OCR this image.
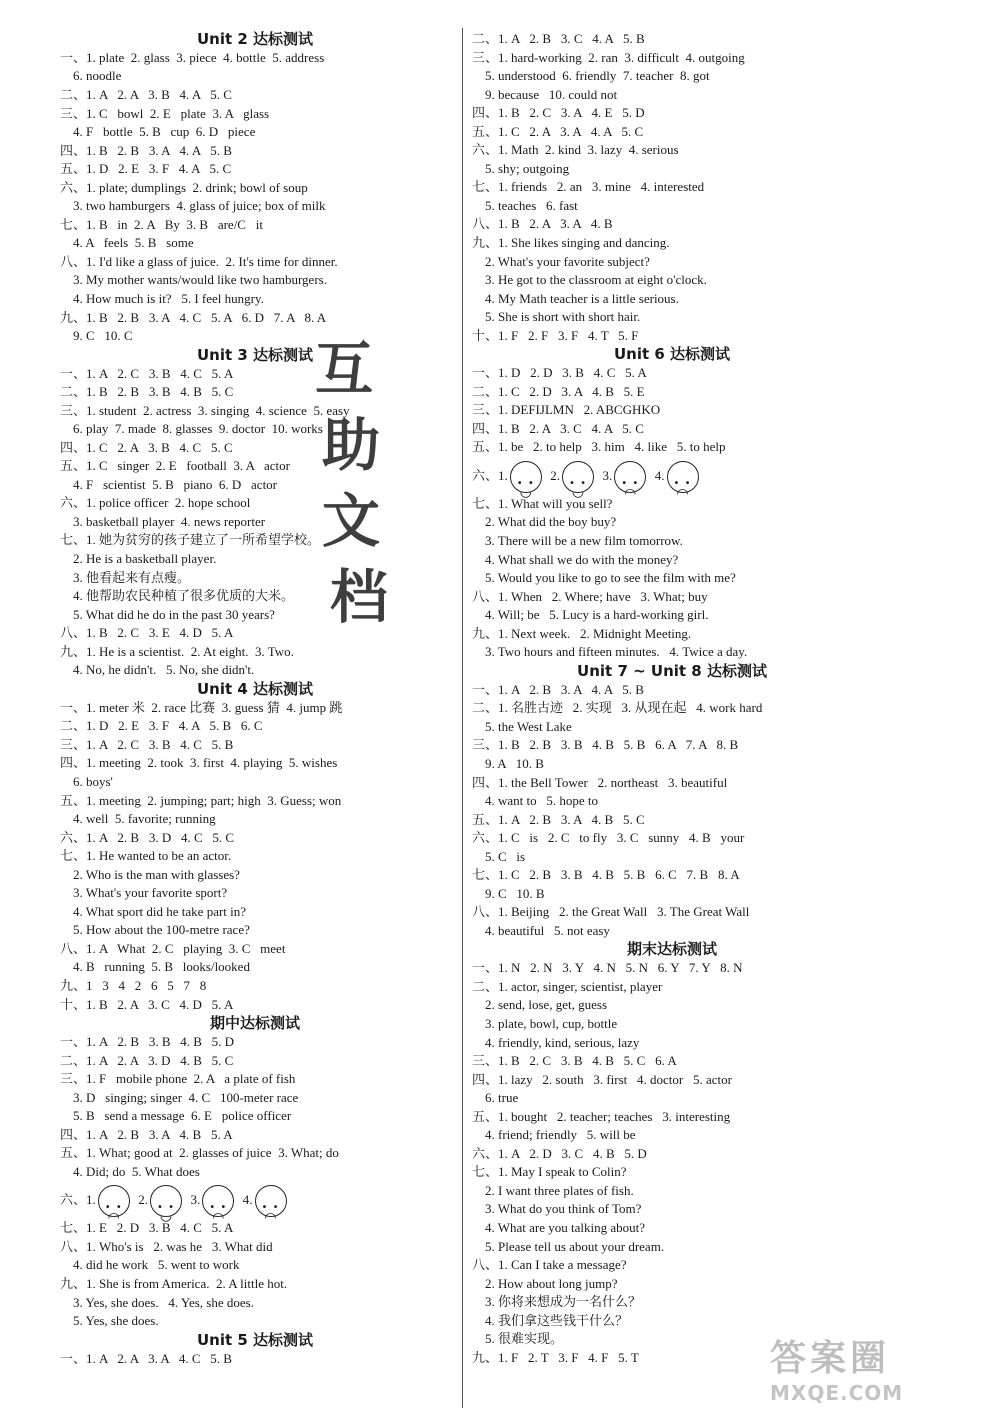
Unit 2 达标测试
一、1. plate  2. glass  3. piece  4. bottle  5. address
6. noodle
二、1. A   2. A   3. B   4. A   5. C
三、1. C   bowl  2. E   plate  3. A   glass
4. F   bottle  5. B   cup  6. D   piece
四、1. B   2. B   3. A   4. A   5. B
五、1. D   2. E   3. F   4. A   5. C
六、1. plate; dumplings  2. drink; bowl of soup
3. two hamburgers  4. glass of juice; box of milk
七、1. B   in  2. A   By  3. B   are/C   it
4. A   feels  5. B   some
八、1. I'd like a glass of juice.  2. It's time for dinner.
3. My mother wants/would like two hamburgers.
4. How much is it?   5. I feel hungry.
九、1. B   2. B   3. A   4. C   5. A   6. D   7. A   8. A
9. C   10. C
Unit 3 达标测试
一、1. A   2. C   3. B   4. C   5. A
二、1. B   2. B   3. B   4. B   5. C
三、1. student  2. actress  3. singing  4. science  5. easy
6. play  7. made  8. glasses  9. doctor  10. works
四、1. C   2. A   3. B   4. C   5. C
五、1. C   singer  2. E   football  3. A   actor
4. F   scientist  5. B   piano  6. D   actor
六、1. police officer  2. hope school
3. basketball player  4. news reporter
七、1. 她为贫穷的孩子建立了一所希望学校。
2. He is a basketball player.
3. 他看起来有点瘦。
4. 他帮助农民种植了很多优质的大米。
5. What did he do in the past 30 years?
八、1. B   2. C   3. E   4. D   5. A
九、1. He is a scientist.  2. At eight.  3. Two.
4. No, he didn't.   5. No, she didn't.
Unit 4 达标测试
一、1. meter 米  2. race 比赛  3. guess 猜  4. jump 跳
二、1. D   2. E   3. F   4. A   5. B   6. C
三、1. A   2. C   3. B   4. C   5. B
四、1. meeting  2. took  3. first  4. playing  5. wishes
6. boys'
五、1. meeting  2. jumping; part; high  3. Guess; won
4. well  5. favorite; running
六、1. A   2. B   3. D   4. C   5. C
七、1. He wanted to be an actor.
2. Who is the man with glasses?
3. What's your favorite sport?
4. What sport did he take part in?
5. How about the 100-metre race?
八、1. A   What  2. C   playing  3. C   meet
4. B   running  5. B   looks/looked
九、1   3   4   2   6   5   7   8
十、1. B   2. A   3. C   4. D   5. A
期中达标测试
一、1. A   2. B   3. B   4. B   5. D
二、1. A   2. A   3. D   4. B   5. C
三、1. F   mobile phone  2. A   a plate of fish
3. D   singing; singer  4. C   100-meter race
5. B   send a message  6. E   police officer
四、1. A   2. B   3. A   4. B   5. A
五、1. What; good at  2. glasses of juice  3. What; do
4. Did; do  5. What does
六、1. • •  ◠	2. • •  ◡	3. • •  ◠	4.• •  ◠
七、1. E   2. D   3. B   4. C   5. A
八、1. Who's is   2. was he   3. What did
4. did he work   5. went to work
九、1. She is from America.  2. A little hot.
3. Yes, she does.   4. Yes, she does.
5. Yes, she does.
Unit 5 达标测试
一、1. A   2. A   3. A   4. C   5. B
二、1. A   2. B   3. C   4. A   5. B
三、1. hard-working  2. ran  3. difficult  4. outgoing
5. understood  6. friendly  7. teacher  8. got
9. because   10. could not
四、1. B   2. C   3. A   4. E   5. D
五、1. C   2. A   3. A   4. A   5. C
六、1. Math  2. kind  3. lazy  4. serious
5. shy; outgoing
七、1. friends   2. an   3. mine   4. interested
5. teaches   6. fast
八、1. B   2. A   3. A   4. B
九、1. She likes singing and dancing.
2. What's your favorite subject?
3. He got to the classroom at eight o'clock.
4. My Math teacher is a little serious.
5. She is short with short hair.
十、1. F   2. F   3. F   4. T   5. F
Unit 6 达标测试
一、1. D   2. D   3. B   4. C   5. A
二、1. C   2. D   3. A   4. B   5. E
三、1. DEFIJLMN   2. ABCGHKO
四、1. B   2. A   3. C   4. A   5. C
五、1. be   2. to help   3. him   4. like   5. to help
六、1. • •  ◡	2. • •  ◡	3. • •  ◠	4.• •  ◠
七、1. What will you sell?
2. What did the boy buy?
3. There will be a new film tomorrow.
4. What shall we do with the money?
5. Would you like to go to see the film with me?
八、1. When   2. Where; have   3. What; buy
4. Will; be   5. Lucy is a hard-working girl.
九、1. Next week.   2. Midnight Meeting.
3. Two hours and fifteen minutes.   4. Twice a day.
Unit 7 ~ Unit 8 达标测试
一、1. A   2. B   3. A   4. A   5. B
二、1. 名胜古迹   2. 实现   3. 从现在起   4. work hard
5. the West Lake
三、1. B   2. B   3. B   4. B   5. B   6. A   7. A   8. B
9. A   10. B
四、1. the Bell Tower   2. northeast   3. beautiful
4. want to   5. hope to
五、1. A   2. B   3. A   4. B   5. C
六、1. C   is   2. C   to fly   3. C   sunny   4. B   your
5. C   is
七、1. C   2. B   3. B   4. B   5. B   6. C   7. B   8. A
9. C   10. B
八、1. Beijing   2. the Great Wall   3. The Great Wall
4. beautiful   5. not easy
期末达标测试
一、1. N   2. N   3. Y   4. N   5. N   6. Y   7. Y   8. N
二、1. actor, singer, scientist, player
2. send, lose, get, guess
3. plate, bowl, cup, bottle
4. friendly, kind, serious, lazy
三、1. B   2. C   3. B   4. B   5. C   6. A
四、1. lazy   2. south   3. first   4. doctor   5. actor
6. true
五、1. bought   2. teacher; teaches   3. interesting
4. friend; friendly   5. will be
六、1. A   2. D   3. C   4. B   5. D
七、1. May I speak to Colin?
2. I want three plates of fish.
3. What do you think of Tom?
4. What are you talking about?
5. Please tell us about your dream.
八、1. Can I take a message?
2. How about long jump?
3. 你将来想成为一名什么？
4. 我们拿这些钱干什么？
5. 很难实现。
九、1. F   2. T   3. F   4. F   5. T
互
助
文
档
答案圈
MXQE.COM
